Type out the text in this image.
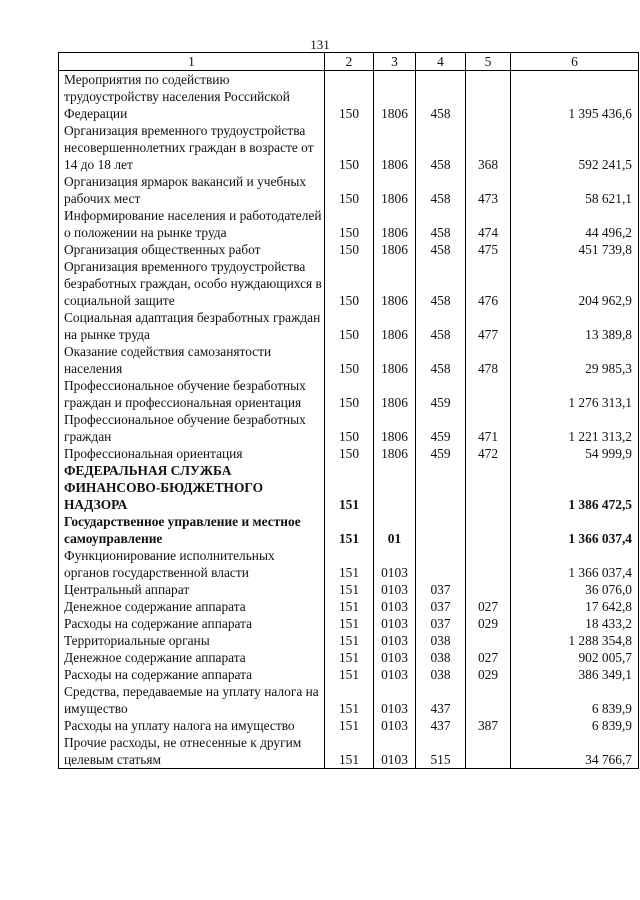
131
1	2	3	4	5	6
Мероприятия по содействию трудоустройству населения Российской Федерации	150	1806	458		1 395 436,6
Организация временного трудоустройства несовершеннолетних граждан в возрасте от 14 до 18 лет	150	1806	458	368	592 241,5
Организация ярмарок вакансий и учебных рабочих мест	150	1806	458	473	58 621,1
Информирование населения и работодателей о положении на рынке труда	150	1806	458	474	44 496,2
Организация общественных работ	150	1806	458	475	451 739,8
Организация временного трудоустройства безработных граждан, особо нуждающихся в социальной защите	150	1806	458	476	204 962,9
Социальная адаптация безработных граждан на рынке труда	150	1806	458	477	13 389,8
Оказание содействия самозанятости населения	150	1806	458	478	29 985,3
Профессиональное обучение безработных граждан и профессиональная ориентация	150	1806	459		1 276 313,1
Профессиональное обучение безработных граждан	150	1806	459	471	1 221 313,2
Профессиональная ориентация	150	1806	459	472	54 999,9
ФЕДЕРАЛЬНАЯ СЛУЖБА ФИНАНСОВО-БЮДЖЕТНОГО НАДЗОРА	151				1 386 472,5
Государственное управление и местное самоуправление	151	01			1 366 037,4
Функционирование исполнительных органов государственной власти	151	0103			1 366 037,4
Центральный аппарат	151	0103	037		36 076,0
Денежное содержание аппарата	151	0103	037	027	17 642,8
Расходы на содержание аппарата	151	0103	037	029	18 433,2
Территориальные органы	151	0103	038		1 288 354,8
Денежное содержание аппарата	151	0103	038	027	902 005,7
Расходы на содержание аппарата	151	0103	038	029	386 349,1
Средства, передаваемые на уплату налога на имущество	151	0103	437		6 839,9
Расходы на уплату налога на имущество	151	0103	437	387	6 839,9
Прочие расходы, не отнесенные к другим целевым статьям	151	0103	515		34 766,7
